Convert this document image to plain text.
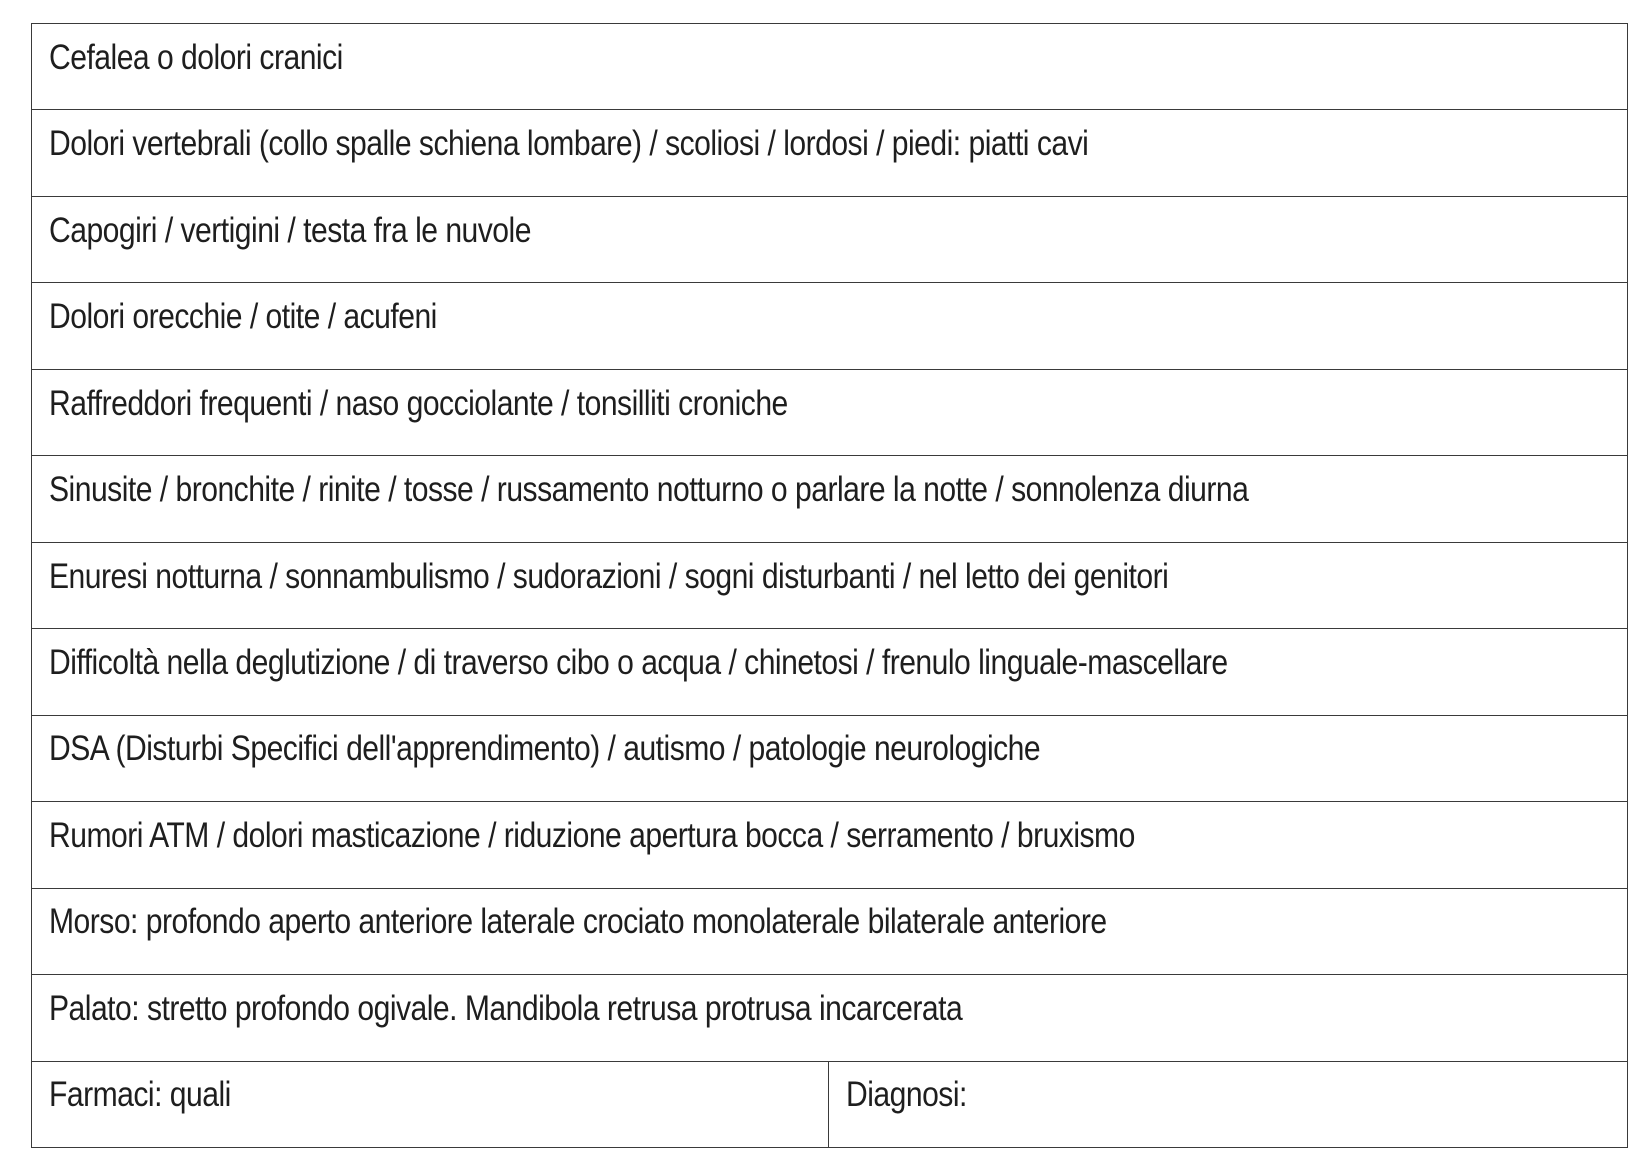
Cefalea o dolori cranici
Dolori vertebrali (collo spalle schiena lombare) / scoliosi / lordosi / piedi: piatti cavi
Capogiri / vertigini / testa fra le nuvole
Dolori orecchie / otite / acufeni
Raffreddori frequenti / naso gocciolante / tonsilliti croniche
Sinusite / bronchite / rinite / tosse / russamento notturno o parlare la notte / sonnolenza diurna
Enuresi notturna / sonnambulismo / sudorazioni / sogni disturbanti / nel letto dei genitori
Difficoltà nella deglutizione / di traverso cibo o acqua / chinetosi / frenulo linguale-mascellare
DSA (Disturbi Specifici dell'apprendimento) / autismo / patologie neurologiche
Rumori ATM / dolori masticazione / riduzione apertura bocca / serramento / bruxismo
Morso: profondo aperto anteriore laterale crociato monolaterale bilaterale anteriore
Palato: stretto profondo ogivale. Mandibola retrusa protrusa incarcerata
Farmaci: quali	Diagnosi:
